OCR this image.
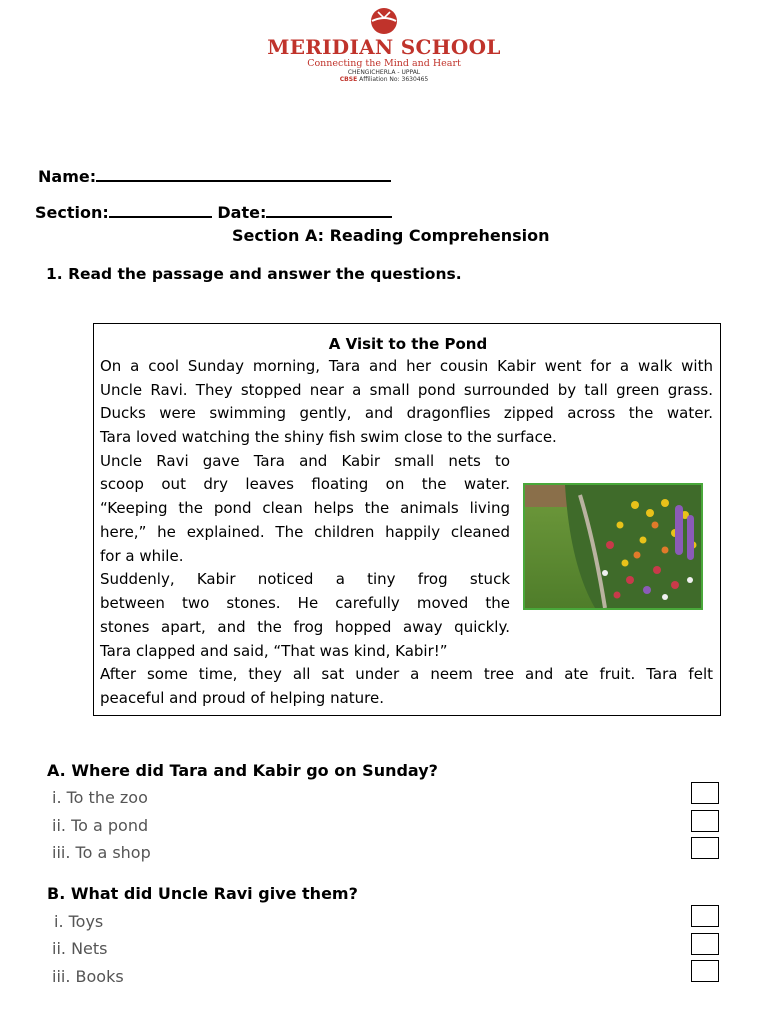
MERIDIAN SCHOOL
Connecting the Mind and Heart
CHENGICHERLA - UPPAL
CBSE Affiliation No: 3630465
Name:
Section:	Date:
Section A: Reading Comprehension
1. Read the passage and answer the questions.
A Visit to the Pond
On a cool Sunday morning, Tara and her cousin Kabir went for a walk with
Uncle Ravi. They stopped near a small pond surrounded by tall green grass.
Ducks were swimming gently, and dragonflies zipped across the water.
Tara loved watching the shiny fish swim close to the surface.
Uncle Ravi gave Tara and Kabir small nets to
scoop out dry leaves floating on the water.
“Keeping the pond clean helps the animals living
here,” he explained. The children happily cleaned
for a while.
Suddenly, Kabir noticed a tiny frog stuck
between two stones. He carefully moved the
stones apart, and the frog hopped away quickly.
Tara clapped and said, “That was kind, Kabir!”
After some time, they all sat under a neem tree and ate fruit. Tara felt
peaceful and proud of helping nature.
A. Where did Tara and Kabir go on Sunday?
i. To the zoo
ii. To a pond
iii. To a shop
B. What did Uncle Ravi give them?
i. Toys
ii. Nets
iii. Books
